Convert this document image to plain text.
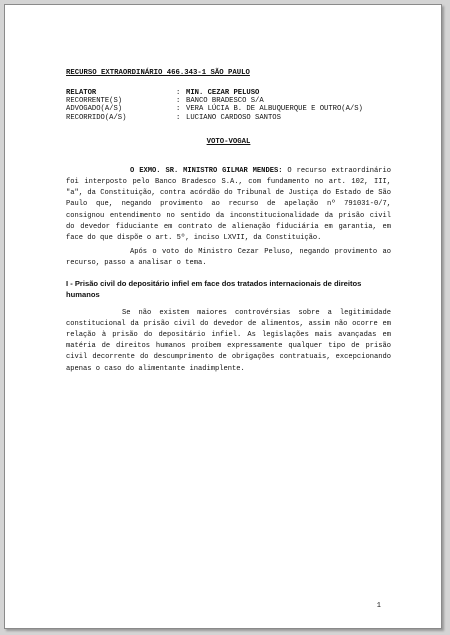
RECURSO EXTRAORDINÁRIO 466.343-1 SÃO PAULO
RELATOR	: MIN. CEZAR PELUSO
RECORRENTE(S)	: BANCO BRADESCO S/A
ADVOGADO(A/S)	: VERA LÚCIA B. DE ALBUQUERQUE E OUTRO(A/S)
RECORRIDO(A/S)	: LUCIANO CARDOSO SANTOS
VOTO-VOGAL

O EXMO. SR. MINISTRO GILMAR MENDES: O recurso extraordinário foi interposto pelo Banco Bradesco S.A., com fundamento no art. 102, III, "a", da Constituição, contra acórdão do Tribunal de Justiça do Estado de São Paulo que, negando provimento ao recurso de apelação nº 791031-0/7, consignou entendimento no sentido da inconstitucionalidade da prisão civil do devedor fiduciante em contrato de alienação fiduciária em garantia, em face do que dispõe o art. 5º, inciso LXVII, da Constituição.

Após o voto do Ministro Cezar Peluso, negando provimento ao recurso, passo a analisar o tema.

I - Prisão civil do depositário infiel em face dos tratados internacionais de direitos humanos

Se não existem maiores controvérsias sobre a legitimidade constitucional da prisão civil do devedor de alimentos, assim não ocorre em relação à prisão do depositário infiel. As legislações mais avançadas em matéria de direitos humanos proíbem expressamente qualquer tipo de prisão civil decorrente do descumprimento de obrigações contratuais, excepcionando apenas o caso do alimentante inadimplente.

1
